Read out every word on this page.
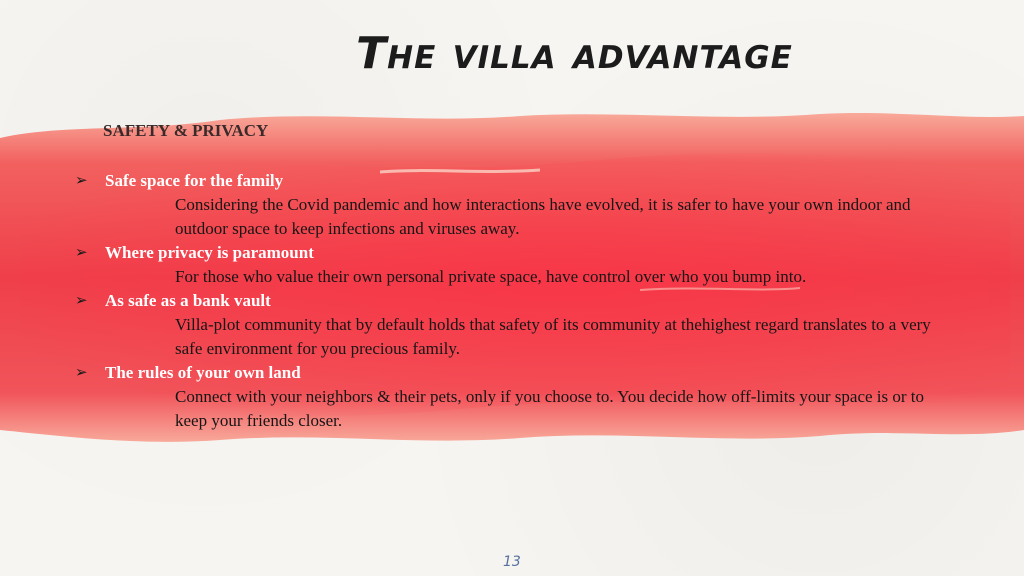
The villa advantage
SAFETY & PRIVACY
➢	Safe space for the family
Considering the Covid pandemic and how interactions have evolved, it is safer to have your own indoor and outdoor space to keep infections and viruses away.
➢	Where privacy is paramount
For those who value their own personal private space, have control over who you bump into.
➢	As safe as a bank vault
Villa-plot community that by default holds that safety of its community at thehighest regard translates to a very safe environment for you precious family.
➢	The rules of your own land
Connect with your neighbors & their pets, only if you choose to. You decide how off-limits your space is or to keep your friends closer.
13
